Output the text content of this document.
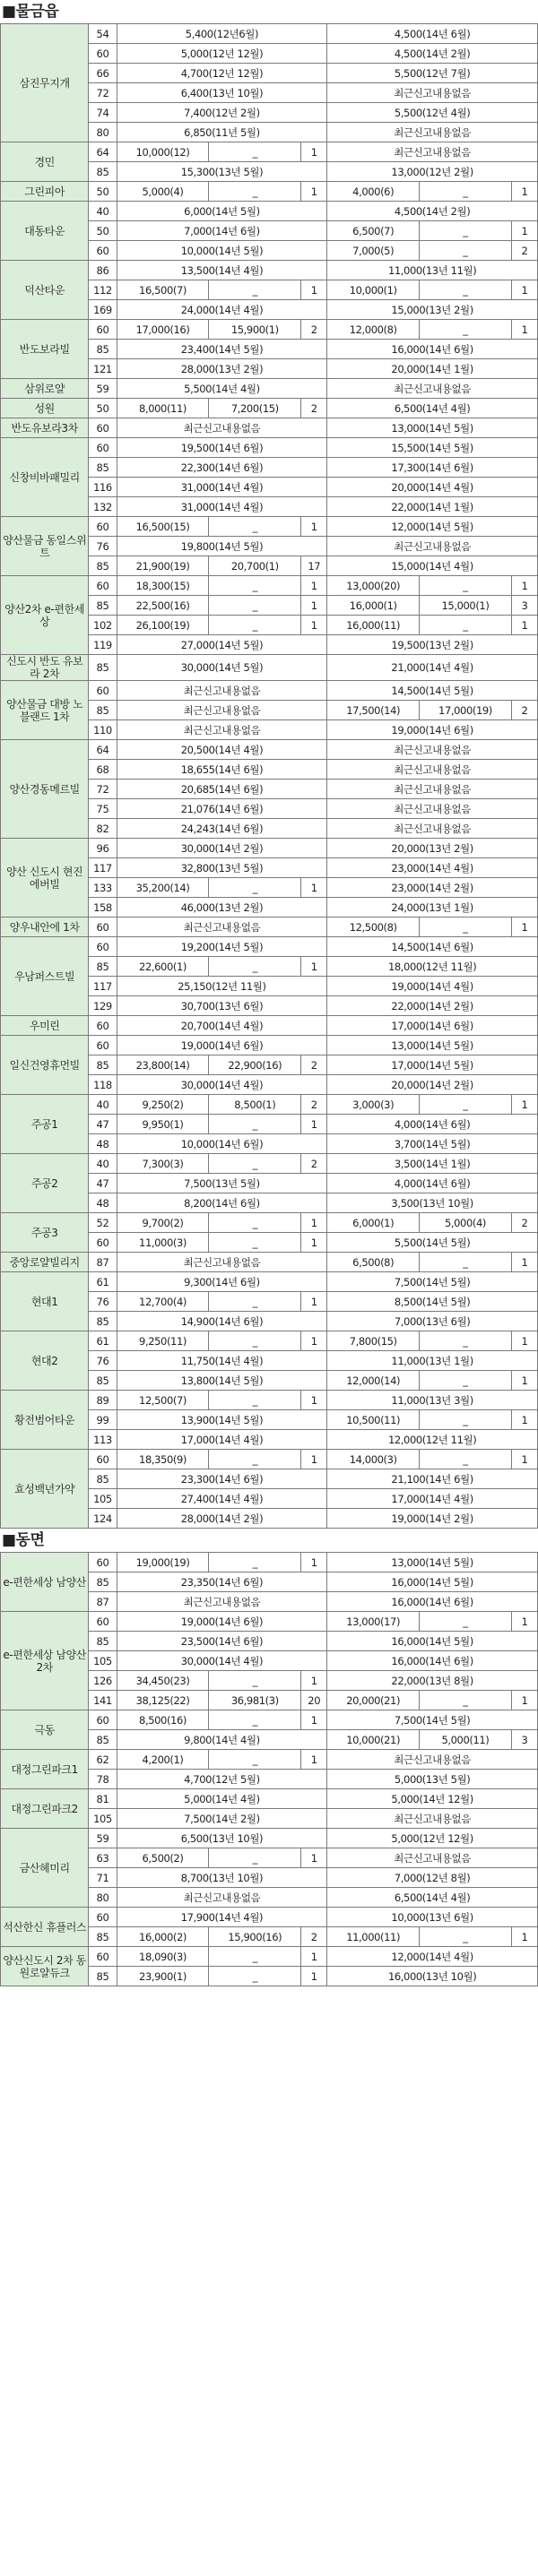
■물금읍
삼진무지개	54	5,400(12년6월)			4,500(14년 6월)		
	60	5,000(12년 12월)			4,500(14년 2월)		
	66	4,700(12년 12월)			5,500(12년 7월)		
	72	6,400(13년 10월)			최근신고내용없음		
	74	7,400(12년 2월)			5,500(12년 4월)		
	80	6,850(11년 5월)			최근신고내용없음		
경민	64	10,000(12)	_	1	최근신고내용없음		
	85	15,300(13년 5월)			13,000(12년 2월)		
그린피아	50	5,000(4)	_	1	4,000(6)	_	1
대동타운	40	6,000(14년 5월)			4,500(14년 2월)		
	50	7,000(14년 6월)			6,500(7)	_	1
	60	10,000(14년 5월)			7,000(5)	_	2
덕산타운	86	13,500(14년 4월)			11,000(13년 11월)		
	112	16,500(7)	_	1	10,000(1)	_	1
	169	24,000(14년 4월)			15,000(13년 2월)		
반도보라빌	60	17,000(16)	15,900(1)	2	12,000(8)	_	1
	85	23,400(14년 5월)			16,000(14년 6월)		
	121	28,000(13년 2월)			20,000(14년 1월)		
삼위로얄	59	5,500(14년 4월)			최근신고내용없음		
성원	50	8,000(11)	7,200(15)	2	6,500(14년 4월)		
반도유보라3차	60	최근신고내용없음			13,000(14년 5월)		
신창비바패밀리	60	19,500(14년 6월)			15,500(14년 5월)		
	85	22,300(14년 6월)			17,300(14년 6월)		
	116	31,000(14년 4월)			20,000(14년 4월)		
	132	31,000(14년 4월)			22,000(14년 1월)		
양산물금 동일스위트	60	16,500(15)	_	1	12,000(14년 5월)		
	76	19,800(14년 5월)			최근신고내용없음		
	85	21,900(19)	20,700(1)	17	15,000(14년 4월)		
양산2차 e-편한세상	60	18,300(15)	_	1	13,000(20)	_	1
	85	22,500(16)	_	1	16,000(1)	15,000(1)	3
	102	26,100(19)	_	1	16,000(11)	_	1
	119	27,000(14년 5월)			19,500(13년 2월)		
신도시 반도 유보라 2차	85	30,000(14년 5월)			21,000(14년 4월)		
양산물금 대방 노블랜드 1차	60	최근신고내용없음			14,500(14년 5월)		
	85	최근신고내용없음			17,500(14)	17,000(19)	2
	110	최근신고내용없음			19,000(14년 6월)		
양산경동메르빌	64	20,500(14년 4월)			최근신고내용없음		
	68	18,655(14년 6월)			최근신고내용없음		
	72	20,685(14년 6월)			최근신고내용없음		
	75	21,076(14년 6월)			최근신고내용없음		
	82	24,243(14년 6월)			최근신고내용없음		
양산 신도시 현진에버빌	96	30,000(14년 2월)			20,000(13년 2월)		
	117	32,800(13년 5월)			23,000(14년 4월)		
	133	35,200(14)	_	1	23,000(14년 2월)		
	158	46,000(13년 2월)			24,000(13년 1월)		
양우내안에 1차	60	최근신고내용없음			12,500(8)	_	1
우남퍼스트빌	60	19,200(14년 5월)			14,500(14년 6월)		
	85	22,600(1)	_	1	18,000(12년 11월)		
	117	25,150(12년 11월)			19,000(14년 4월)		
	129	30,700(13년 6월)			22,000(14년 2월)		
우미린	60	20,700(14년 4월)			17,000(14년 6월)		
일신건영휴먼빌	60	19,000(14년 6월)			13,000(14년 5월)		
	85	23,800(14)	22,900(16)	2	17,000(14년 5월)		
	118	30,000(14년 4월)			20,000(14년 2월)		
주공1	40	9,250(2)	8,500(1)	2	3,000(3)	_	1
	47	9,950(1)	_	1	4,000(14년 6월)		
	48	10,000(14년 6월)			3,700(14년 5월)		
주공2	40	7,300(3)	_	2	3,500(14년 1월)		
	47	7,500(13년 5월)			4,000(14년 6월)		
	48	8,200(14년 6월)			3,500(13년 10월)		
주공3	52	9,700(2)	_	1	6,000(1)	5,000(4)	2
	60	11,000(3)	_	1	5,500(14년 5월)		
중앙로얄빌리지	87	최근신고내용없음			6,500(8)	_	1
현대1	61	9,300(14년 6월)			7,500(14년 5월)		
	76	12,700(4)	_	1	8,500(14년 5월)		
	85	14,900(14년 6월)			7,000(13년 6월)		
현대2	61	9,250(11)	_	1	7,800(15)	_	1
	76	11,750(14년 4월)			11,000(13년 1월)		
	85	13,800(14년 5월)			12,000(14)	_	1
황전범어타운	89	12,500(7)	_	1	11,000(13년 3월)		
	99	13,900(14년 5월)			10,500(11)	_	1
	113	17,000(14년 4월)			12,000(12년 11월)		
효성백년가약	60	18,350(9)	_	1	14,000(3)	_	1
	85	23,300(14년 6월)			21,100(14년 6월)		
	105	27,400(14년 4월)			17,000(14년 4월)		
	124	28,000(14년 2월)			19,000(14년 2월)		
■동면
e-편한세상 남양산	60	19,000(19)	_	1	13,000(14년 5월)		
	85	23,350(14년 6월)			16,000(14년 5월)		
	87	최근신고내용없음			16,000(14년 6월)		
e-편한세상 남양산2차	60	19,000(14년 6월)			13,000(17)	_	1
	85	23,500(14년 6월)			16,000(14년 5월)		
	105	30,000(14년 4월)			16,000(14년 6월)		
	126	34,450(23)	_	1	22,000(13년 8월)		
	141	38,125(22)	36,981(3)	20	20,000(21)	_	1
극동	60	8,500(16)	_	1	7,500(14년 5월)		
	85	9,800(14년 4월)			10,000(21)	5,000(11)	3
대정그린파크1	62	4,200(1)	_	1	최근신고내용없음		
	78	4,700(12년 5월)			5,000(13년 5월)		
대정그린파크2	81	5,000(14년 4월)			5,000(14년 12월)		
	105	7,500(14년 2월)			최근신고내용없음		
금산헤미리	59	6,500(13년 10월)			5,000(12년 12월)		
	63	6,500(2)	_	1	최근신고내용없음		
	71	8,700(13년 10월)			7,000(12년 8월)		
	80	최근신고내용없음			6,500(14년 4월)		
석산한신 휴플러스	60	17,900(14년 4월)			10,000(13년 6월)		
	85	16,000(2)	15,900(16)	2	11,000(11)	_	1
양산신도시 2차 동원로얄듀크	60	18,090(3)	_	1	12,000(14년 4월)		
	85	23,900(1)	_	1	16,000(13년 10월)		
